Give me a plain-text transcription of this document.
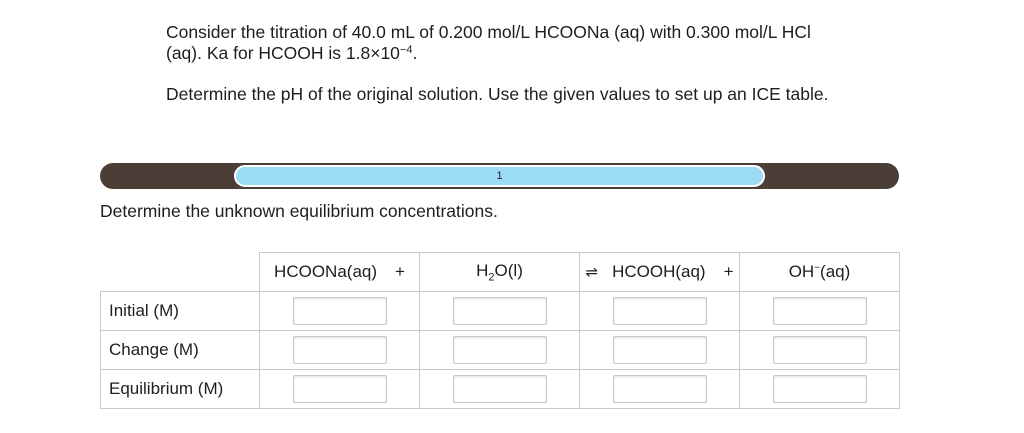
Consider the titration of 40.0 mL of 0.200 mol/L HCOONa (aq) with 0.300 mol/L HCl (aq). Ka for HCOOH is $1.8\times 10^{-4}$.

Determine the pH of the original solution. Use the given values to set up an ICE table.

1
Determine the unknown equilibrium concentrations.
	HCOONa(aq) +	$H_2O(l)$	⇌ HCOOH(aq) +	OH−(aq)
Initial (M)				
Change (M)				
Equilibrium (M)				
